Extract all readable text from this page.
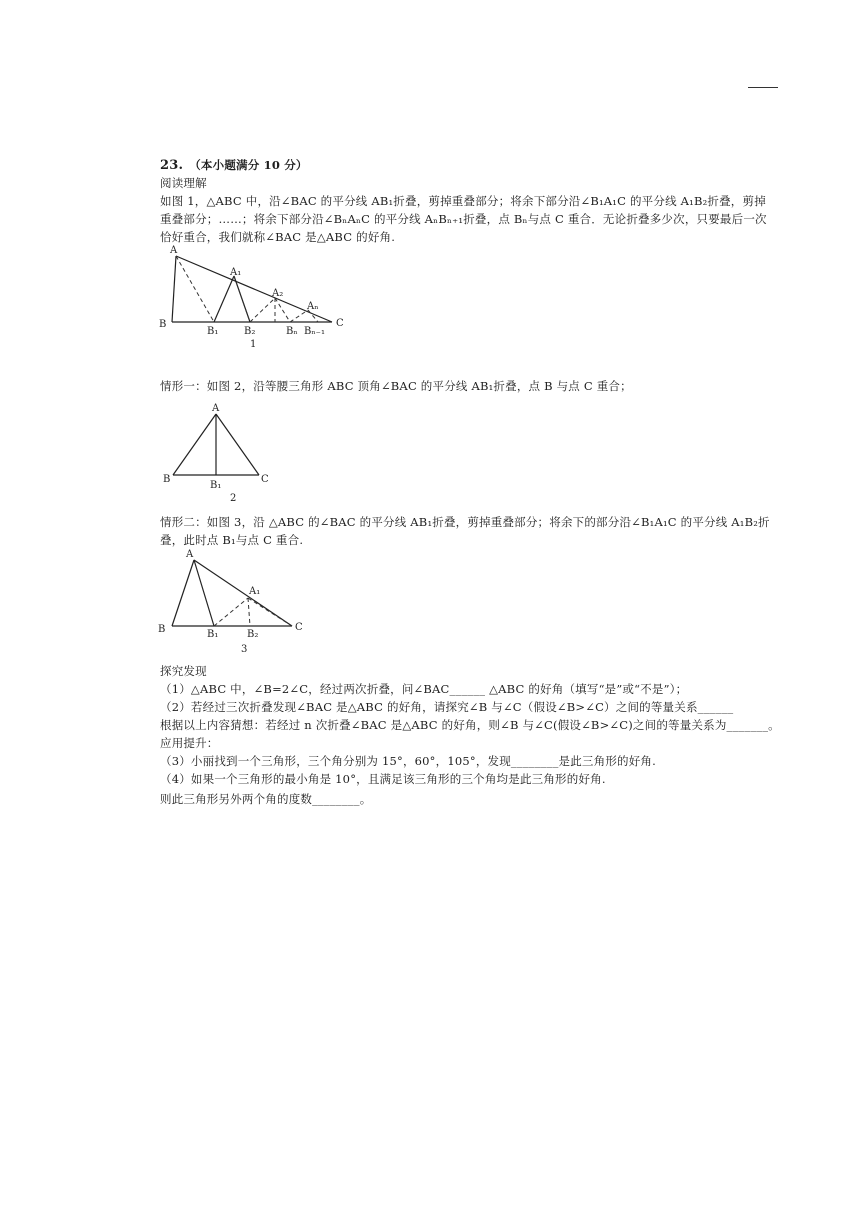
23. （本小题满分 10 分）
阅读理解
如图 1，△ABC 中，沿∠BAC 的平分线 AB₁折叠，剪掉重叠部分；将余下部分沿∠B₁A₁C 的平分线 A₁B₂折叠，剪掉
重叠部分；……；将余下部分沿∠BₙAₙC 的平分线 AₙBₙ₊₁折叠，点 Bₙ与点 C 重合．无论折叠多少次，只要最后一次
恰好重合，我们就称∠BAC 是△ABC 的好角.
A
A₁
A₂
Aₙ
B
B₁	B₂	Bₙ Bₙ₋₁
C
1
情形一：如图 2，沿等腰三角形 ABC 顶角∠BAC 的平分线 AB₁折叠，点 B 与点 C 重合；
A
B
B₁
C
2
情形二：如图 3，沿 △ABC 的∠BAC 的平分线 AB₁折叠，剪掉重叠部分；将余下的部分沿∠B₁A₁C 的平分线 A₁B₂折
叠，此时点 B₁与点 C 重合.
A
A₁
B	B₁	B₂
C
3
探究发现
（1）△ABC 中，∠B=2∠C，经过两次折叠，问∠BAC______ △ABC 的好角（填写“是”或“不是”）；
（2）若经过三次折叠发现∠BAC 是△ABC 的好角，请探究∠B 与∠C（假设∠B>∠C）之间的等量关系______
根据以上内容猜想：若经过 n 次折叠∠BAC 是△ABC 的好角，则∠B 与∠C(假设∠B>∠C)之间的等量关系为_______。
应用提升：
（3）小丽找到一个三角形，三个角分别为 15°，60°，105°，发现________是此三角形的好角.
（4）如果一个三角形的最小角是 10°，且满足该三角形的三个角均是此三角形的好角.
则此三角形另外两个角的度数________。
